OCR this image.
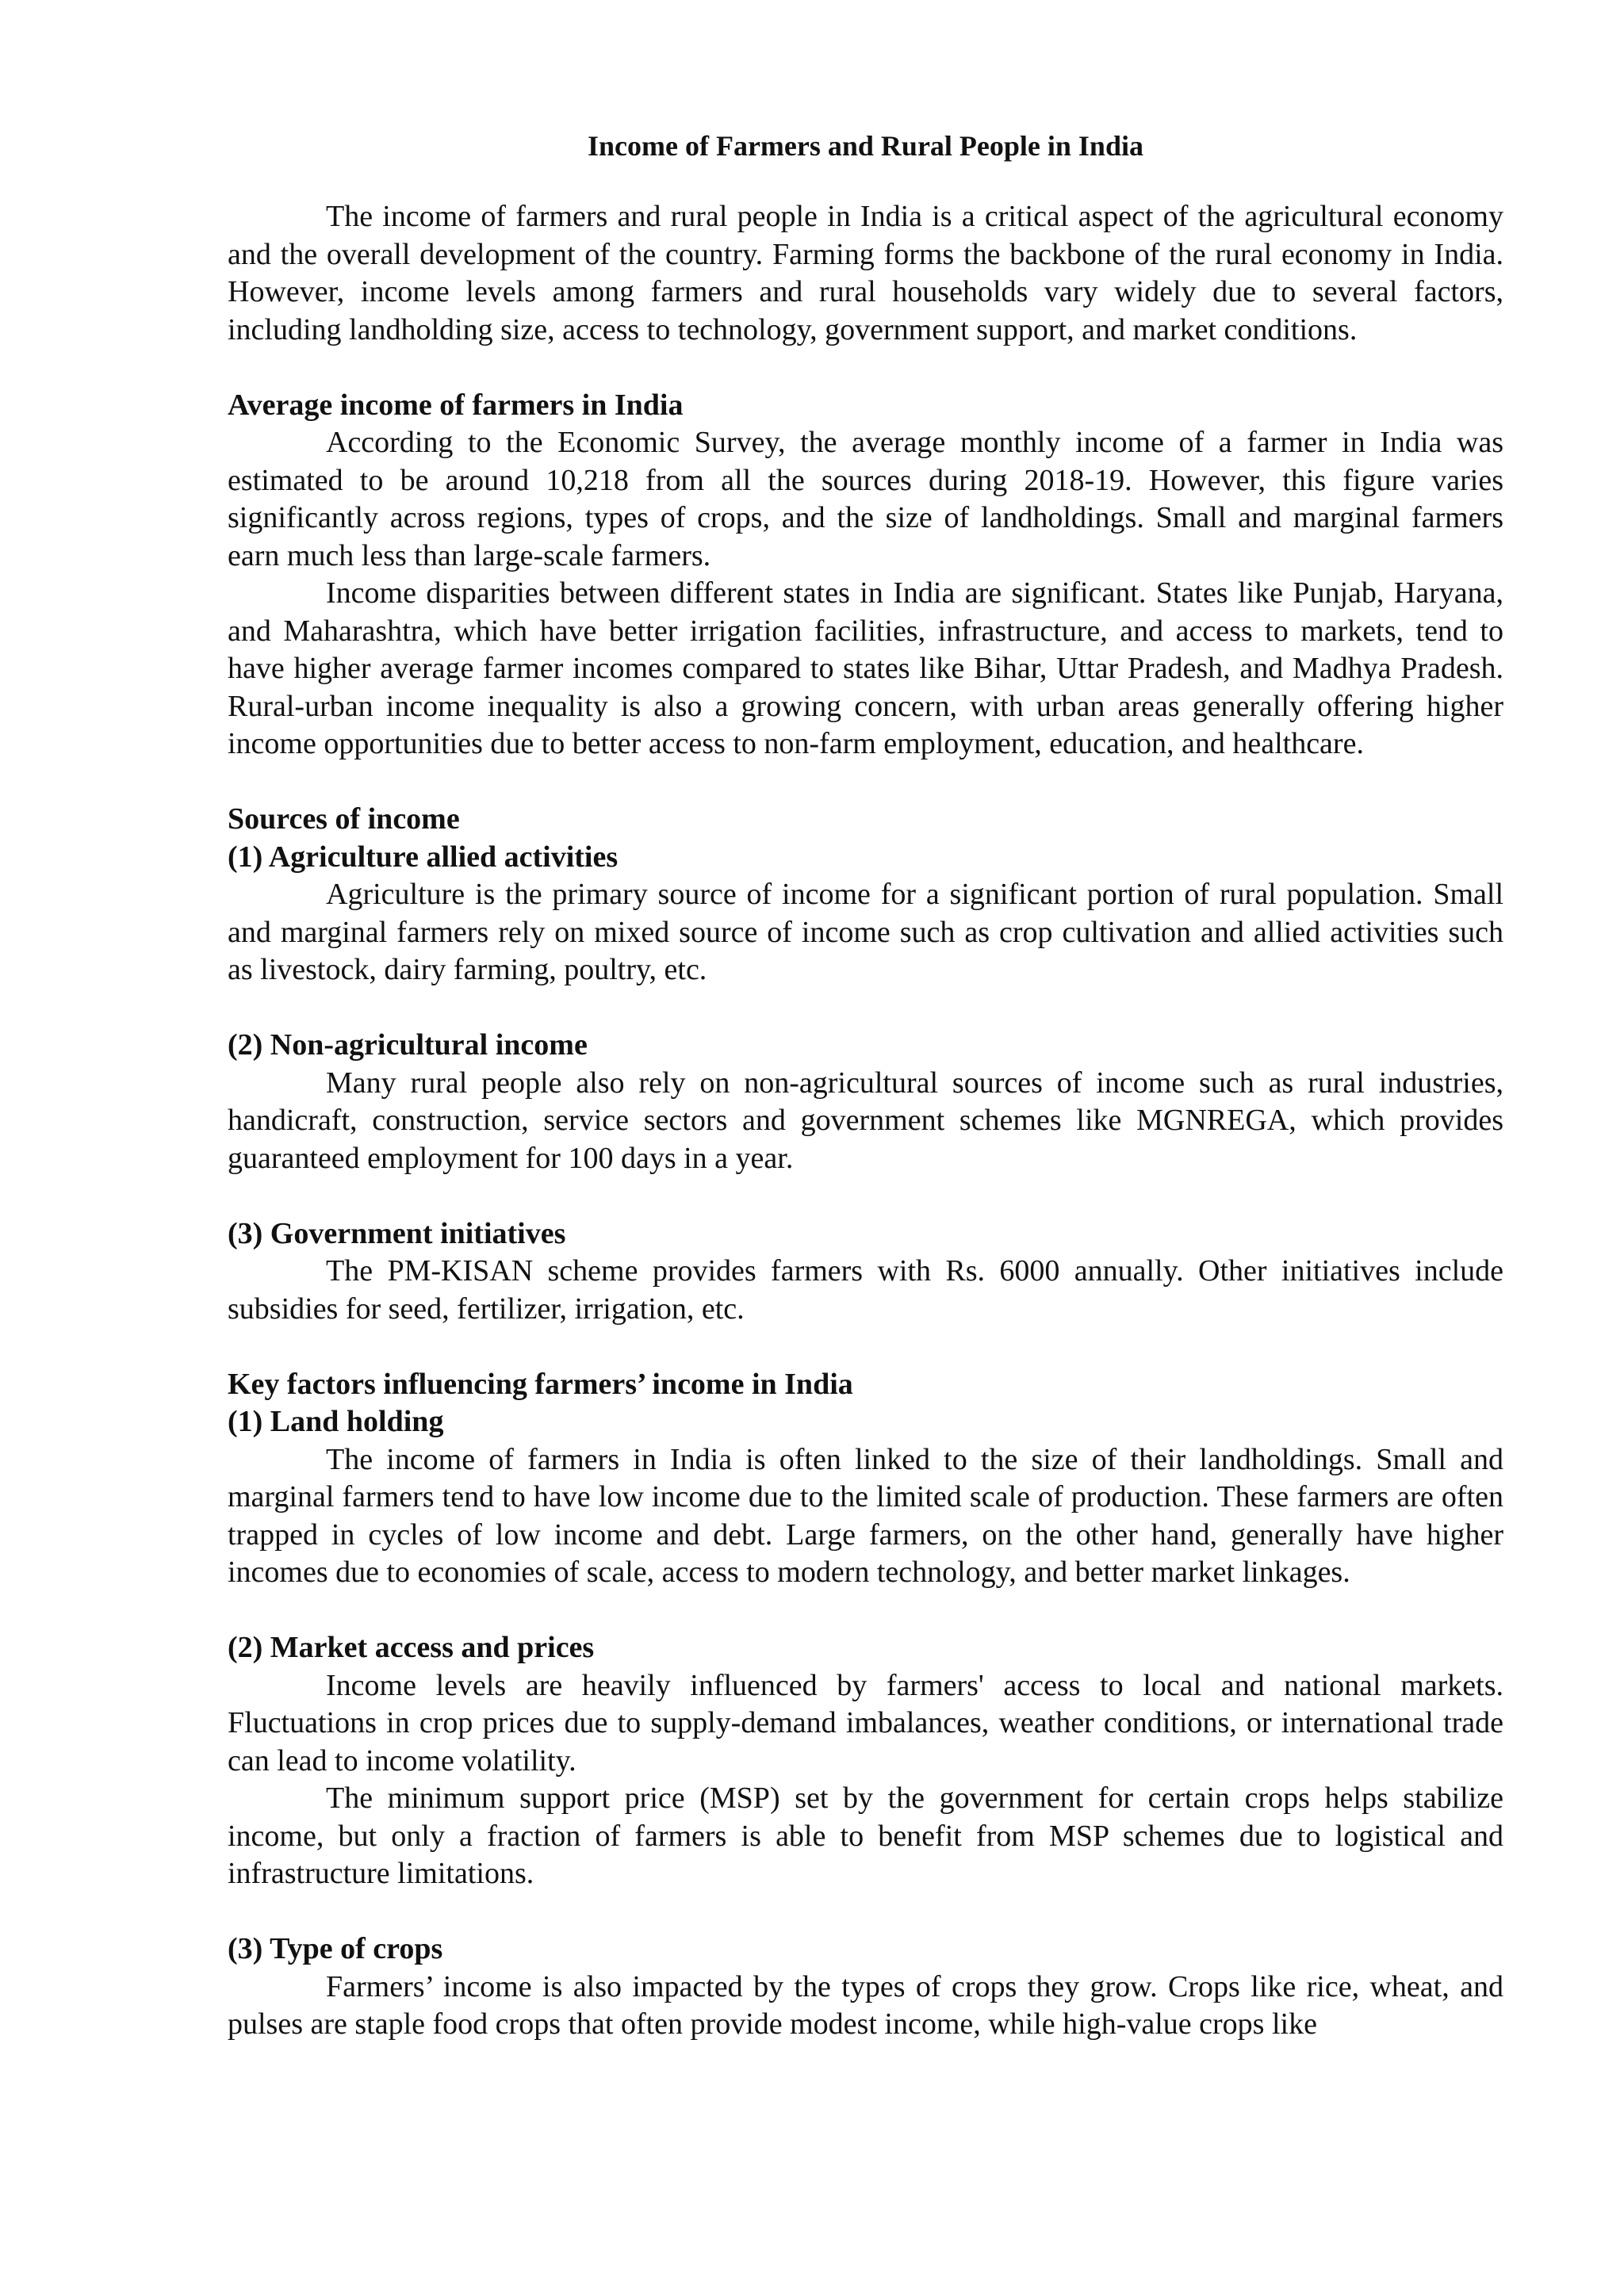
Income of Farmers and Rural People in India

The income of farmers and rural people in India is a critical aspect of the agricultural economy and the overall development of the country. Farming forms the backbone of the rural economy in India. However, income levels among farmers and rural households vary widely due to several factors, including landholding size, access to technology, government support, and market conditions.

Average income of farmers in India

According to the Economic Survey, the average monthly income of a farmer in India was estimated to be around 10,218 from all the sources during 2018-19. However, this figure varies significantly across regions, types of crops, and the size of landholdings. Small and marginal farmers earn much less than large-scale farmers.

Income disparities between different states in India are significant. States like Punjab, Haryana, and Maharashtra, which have better irrigation facilities, infrastructure, and access to markets, tend to have higher average farmer incomes compared to states like Bihar, Uttar Pradesh, and Madhya Pradesh. Rural-urban income inequality is also a growing concern, with urban areas generally offering higher income opportunities due to better access to non-farm employment, education, and healthcare.

Sources of income
(1) Agriculture allied activities

Agriculture is the primary source of income for a significant portion of rural population. Small and marginal farmers rely on mixed source of income such as crop cultivation and allied activities such as livestock, dairy farming, poultry, etc.

(2) Non-agricultural income

Many rural people also rely on non-agricultural sources of income such as rural industries, handicraft, construction, service sectors and government schemes like MGNREGA, which provides guaranteed employment for 100 days in a year.

(3) Government initiatives

The PM-KISAN scheme provides farmers with Rs. 6000 annually. Other initiatives include subsidies for seed, fertilizer, irrigation, etc.

Key factors influencing farmers’ income in India
(1) Land holding

The income of farmers in India is often linked to the size of their landholdings. Small and marginal farmers tend to have low income due to the limited scale of production. These farmers are often trapped in cycles of low income and debt. Large farmers, on the other hand, generally have higher incomes due to economies of scale, access to modern technology, and better market linkages.

(2) Market access and prices

Income levels are heavily influenced by farmers' access to local and national markets. Fluctuations in crop prices due to supply-demand imbalances, weather conditions, or international trade can lead to income volatility.

The minimum support price (MSP) set by the government for certain crops helps stabilize income, but only a fraction of farmers is able to benefit from MSP schemes due to logistical and infrastructure limitations.

(3) Type of crops

Farmers’ income is also impacted by the types of crops they grow. Crops like rice, wheat, and pulses are staple food crops that often provide modest income, while high-value crops like
